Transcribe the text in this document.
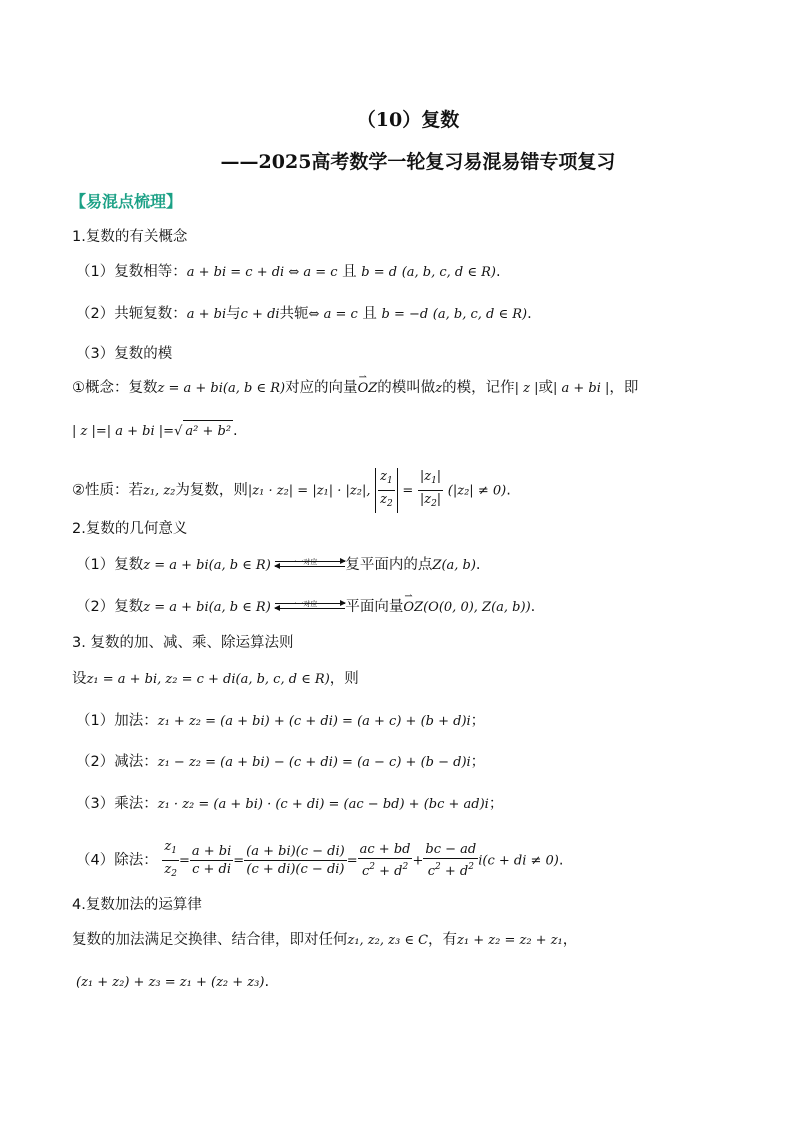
（10）复数
——2025高考数学一轮复习易混易错专项复习
【易混点梳理】
1.复数的有关概念
（1）复数相等：a + bi = c + di ⇔ a = c 且 b = d (a, b, c, d ∈ R).
（2）共轭复数：a + bi与c + di共轭⇔ a = c 且 b = −d (a, b, c, d ∈ R).
（3）复数的模
①概念：复数z = a + bi(a, b ∈ R)对应的向量⇀ OZ的模叫做z的模，记作| z |或| a + bi |，即
| z |=| a + bi |=√ a² + b² .
②性质：若z₁, z₂为复数，则|z₁ · z₂| = |z₁| · |z₂|, $\frac{z_1}{z_2} = \frac{|z_1|}{|z_2|} (|z_2| \ne 0)$.
2.复数的几何意义
（1）复数z = a + bi(a, b ∈ R)	一一对应 复平面内的点Z(a, b).
（2）复数z = a + bi(a, b ∈ R)	一一对应 平面向量⇀ OZ(O(0, 0), Z(a, b)).
3. 复数的加、减、乘、除运算法则
设z₁ = a + bi, z₂ = c + di(a, b, c, d ∈ R)，则
（1）加法：z₁ + z₂ = (a + bi) + (c + di) = (a + c) + (b + d)i；
（2）减法：z₁ − z₂ = (a + bi) − (c + di) = (a − c) + (b − d)i；
（3）乘法：z₁ · z₂ = (a + bi) · (c + di) = (ac − bd) + (bc + ad)i；
（4）除法： $\frac{z_1}{z_2} = \frac{a + bi}{c + di} = \frac{(a + bi)(c - di)}{(c + di)(c - di)} = \frac{ac + bd}{c^2 + d^2} + \frac{bc - ad}{c^2 + d^2} i(c$ + di ≠ 0).
4.复数加法的运算律
复数的加法满足交换律、结合律，即对任何z₁, z₂, z₃ ∈ C，有z₁ + z₂ = z₂ + z₁，
(z₁ + z₂) + z₃ = z₁ + (z₂ + z₃).
